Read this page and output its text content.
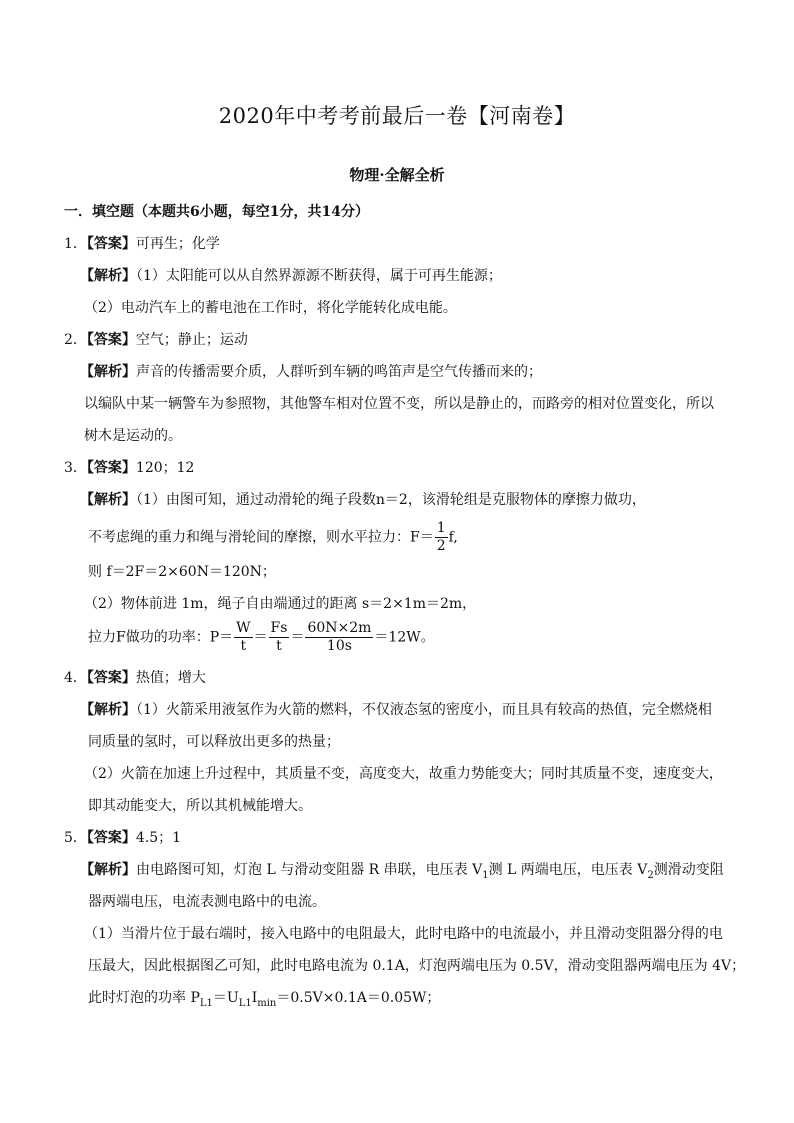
2020年中考考前最后一卷【河南卷】
物理·全解全析
一．填空题（本题共6小题，每空1分，共14分）
1．【答案】可再生；化学
【解析】（1）太阳能可以从自然界源源不断获得，属于可再生能源；
（2）电动汽车上的蓄电池在工作时，将化学能转化成电能。
2．【答案】空气；静止；运动
【解析】声音的传播需要介质，人群听到车辆的鸣笛声是空气传播而来的；
以编队中某一辆警车为参照物，其他警车相对位置不变，所以是静止的，而路旁的相对位置变化，所以
树木是运动的。
3．【答案】120；12
【解析】（1）由图可知，通过动滑轮的绳子段数n＝2，该滑轮组是克服物体的摩擦力做功，
不考虑绳的重力和绳与滑轮间的摩擦，则水平拉力：$F= \frac{1}{2} f$,
则 f＝2F＝2×60N＝120N；
（2）物体前进 1m，绳子自由端通过的距离 s＝2×1m＝2m，
拉力F做功的功率：$P= \frac{W}{t} = \frac{Fs}{t} = \frac{60N\times 2m}{10s} =12W$。
4．【答案】热值；增大
【解析】（1）火箭采用液氢作为火箭的燃料，不仅液态氢的密度小，而且具有较高的热值，完全燃烧相
同质量的氢时，可以释放出更多的热量；
（2）火箭在加速上升过程中，其质量不变，高度变大，故重力势能变大；同时其质量不变，速度变大，
即其动能变大，所以其机械能增大。
5．【答案】4.5；1
【解析】由电路图可知，灯泡 L 与滑动变阻器 R 串联，电压表 $V_1$测 L 两端电压，电压表 $V_2$测滑动变阻
器两端电压，电流表测电路中的电流。
（1）当滑片位于最右端时，接入电路中的电阻最大，此时电路中的电流最小，并且滑动变阻器分得的电
压最大，因此根据图乙可知，此时电路电流为 0.1A，灯泡两端电压为 0.5V，滑动变阻器两端电压为 4V；
此时灯泡的功率 $P_{L1}=U_{L1}I_{min}=0.5V\times 0.1A=0.05W$；
